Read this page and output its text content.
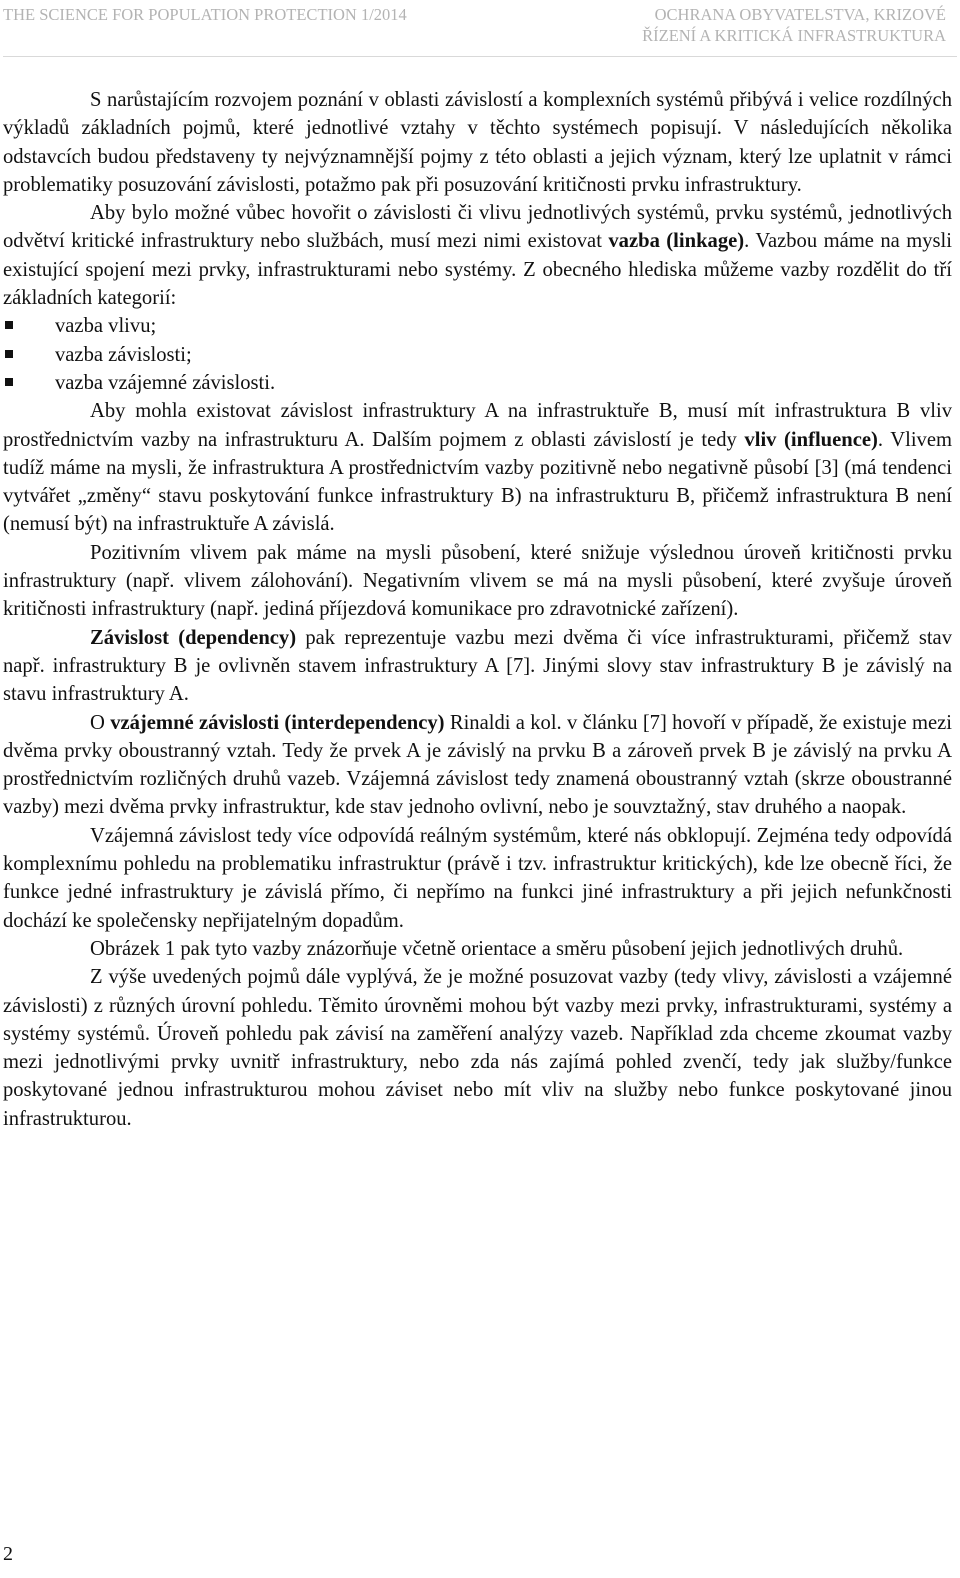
THE SCIENCE FOR POPULATION PROTECTION 1/2014	OCHRANA OBYVATELSTVA, KRIZOVÉ
ŘÍZENÍ A KRITICKÁ INFRASTRUKTURA

S narůstajícím rozvojem poznání v oblasti závislostí a komplexních systémů přibývá i velice rozdílných výkladů základních pojmů, které jednotlivé vztahy v těchto systémech popisují. V následujících několika odstavcích budou představeny ty nejvýznamnější pojmy z této oblasti a jejich význam, který lze uplatnit v rámci problematiky posuzování závislosti, potažmo pak při posuzování kritičnosti prvku infrastruktury.

Aby bylo možné vůbec hovořit o závislosti či vlivu jednotlivých systémů, prvku systémů, jednotlivých odvětví kritické infrastruktury nebo službách, musí mezi nimi existovat vazba (linkage). Vazbou máme na mysli existující spojení mezi prvky, infrastrukturami nebo systémy. Z obecného hlediska můžeme vazby rozdělit do tří základních kategorií:

vazba vlivu;
vazba závislosti;
vazba vzájemné závislosti.

Aby mohla existovat závislost infrastruktury A na infrastruktuře B, musí mít infrastruktura B vliv prostřednictvím vazby na infrastrukturu A. Dalším pojmem z oblasti závislostí je tedy vliv (influence). Vlivem tudíž máme na mysli, že infrastruktura A prostřednictvím vazby pozitivně nebo negativně působí [3] (má tendenci vytvářet „změny“ stavu poskytování funkce infrastruktury B) na infrastrukturu B, přičemž infrastruktura B není (nemusí být) na infrastruktuře A závislá.

Pozitivním vlivem pak máme na mysli působení, které snižuje výslednou úroveň kritičnosti prvku infrastruktury (např. vlivem zálohování). Negativním vlivem se má na mysli působení, které zvyšuje úroveň kritičnosti infrastruktury (např. jediná příjezdová komunikace pro zdravotnické zařízení).

Závislost (dependency) pak reprezentuje vazbu mezi dvěma či více infrastrukturami, přičemž stav např. infrastruktury B je ovlivněn stavem infrastruktury A [7]. Jinými slovy stav infrastruktury B je závislý na stavu infrastruktury A.

O vzájemné závislosti (interdependency) Rinaldi a kol. v článku [7] hovoří v případě, že existuje mezi dvěma prvky oboustranný vztah. Tedy že prvek A je závislý na prvku B a zároveň prvek B je závislý na prvku A prostřednictvím rozličných druhů vazeb. Vzájemná závislost tedy znamená oboustranný vztah (skrze oboustranné vazby) mezi dvěma prvky infrastruktur, kde stav jednoho ovlivní, nebo je souvztažný, stav druhého a naopak.

Vzájemná závislost tedy více odpovídá reálným systémům, které nás obklopují. Zejména tedy odpovídá komplexnímu pohledu na problematiku infrastruktur (právě i tzv. infrastruktur kritických), kde lze obecně říci, že funkce jedné infrastruktury je závislá přímo, či nepřímo na funkci jiné infrastruktury a při jejich nefunkčnosti dochází ke společensky nepřijatelným dopadům.

Obrázek 1 pak tyto vazby znázorňuje včetně orientace a směru působení jejich jednotlivých druhů.

Z výše uvedených pojmů dále vyplývá, že je možné posuzovat vazby (tedy vlivy, závislosti a vzájemné závislosti) z různých úrovní pohledu. Těmito úrovněmi mohou být vazby mezi prvky, infrastrukturami, systémy a systémy systémů. Úroveň pohledu pak závisí na zaměření analýzy vazeb. Například zda chceme zkoumat vazby mezi jednotlivými prvky uvnitř infrastruktury, nebo zda nás zajímá pohled zvenčí, tedy jak služby/funkce poskytované jednou infrastrukturou mohou záviset nebo mít vliv na služby nebo funkce poskytované jinou infrastrukturou.

2
